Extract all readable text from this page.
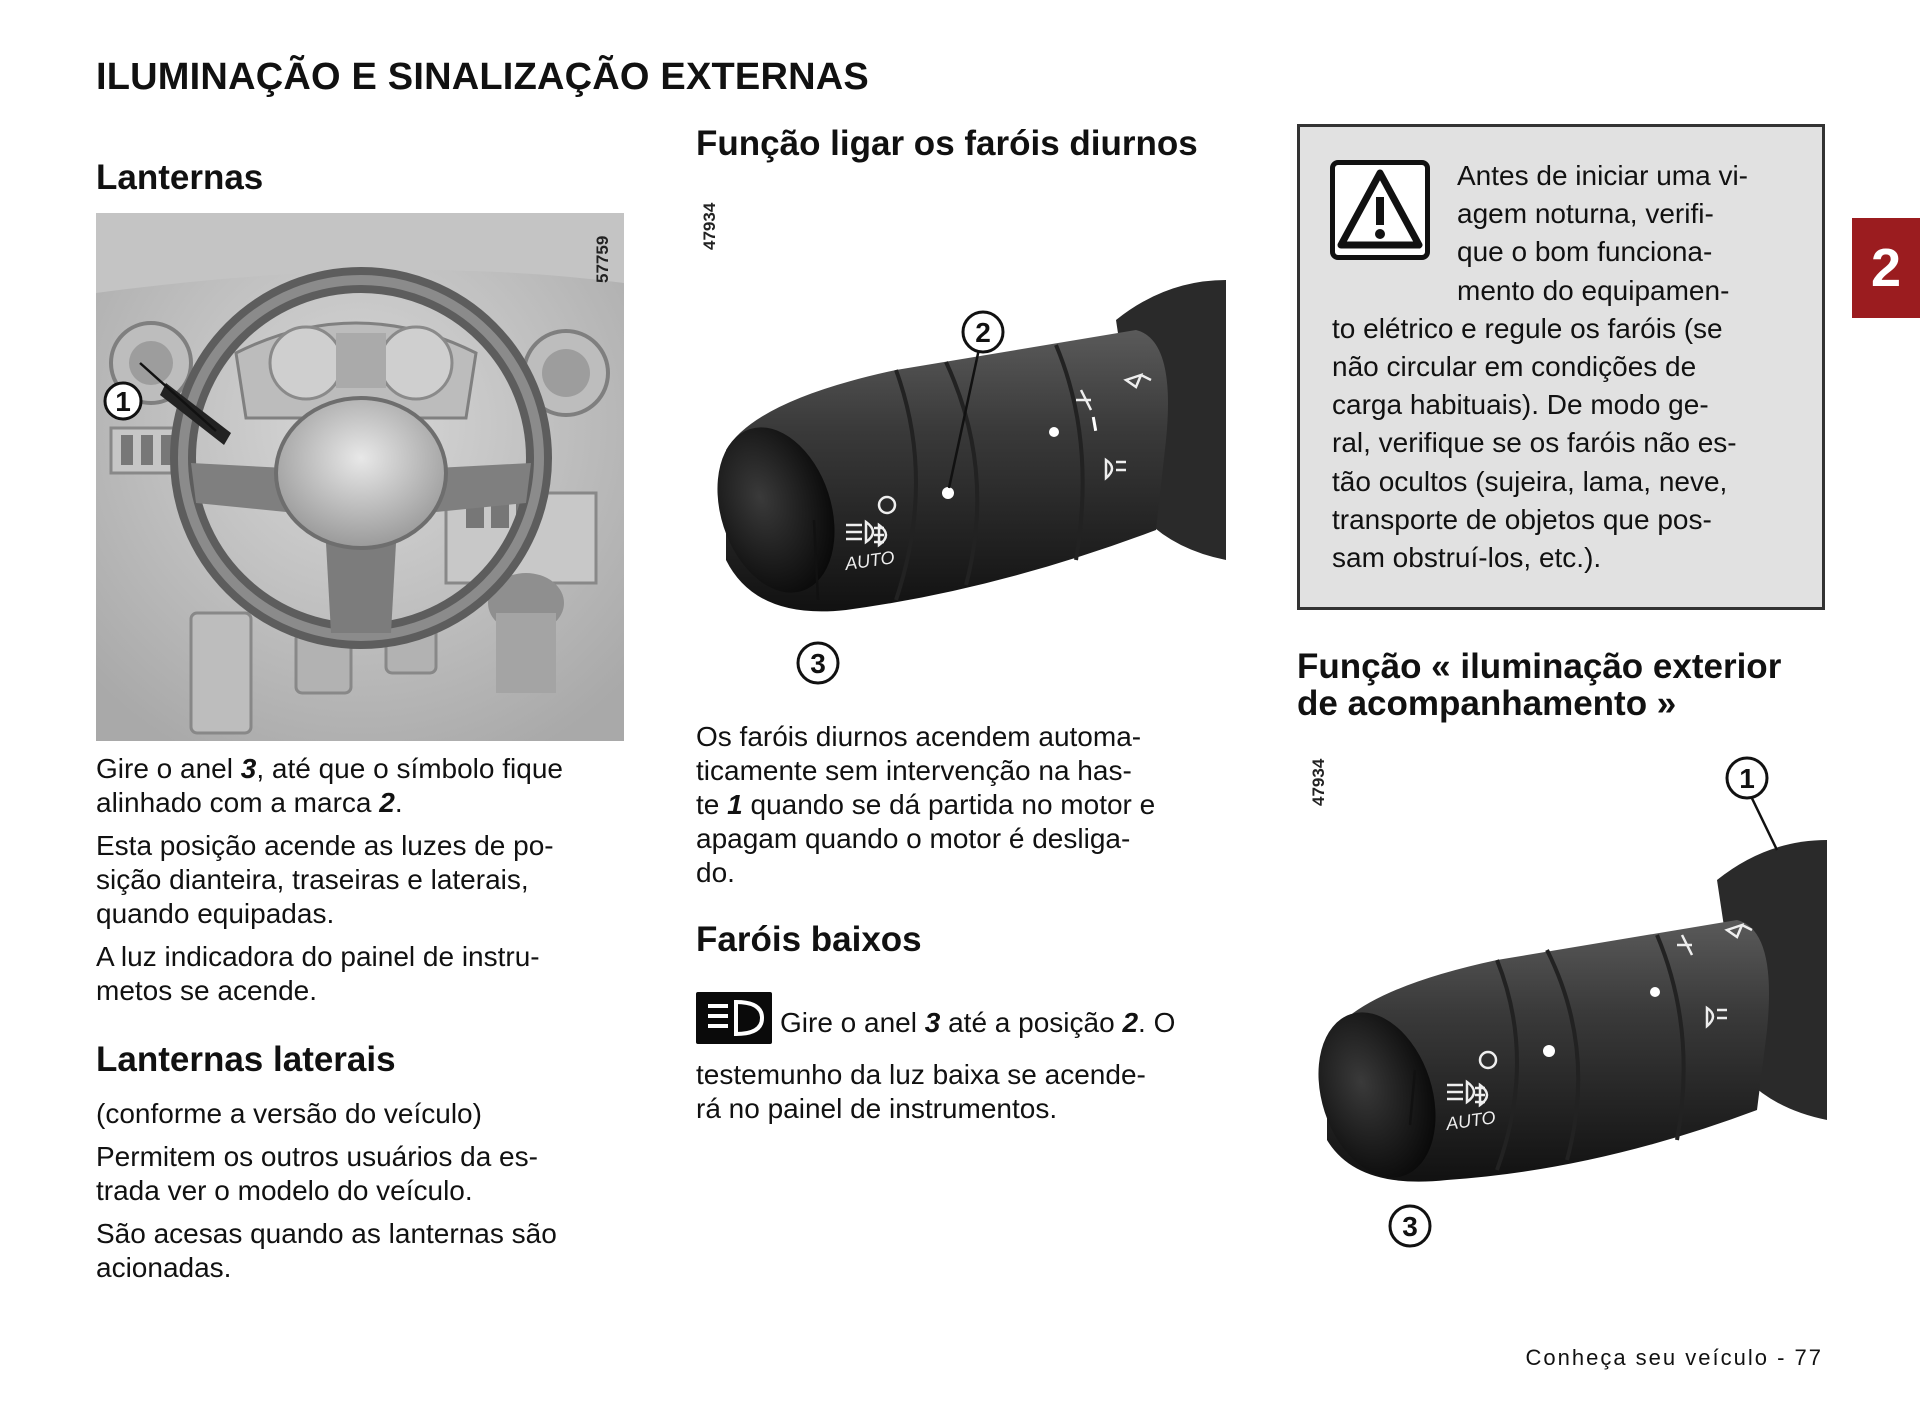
ILUMINAÇÃO E SINALIZAÇÃO EXTERNAS
2
Lanternas
1
57759
Gire o anel 3, até que o símbolo fique
alinhado com a marca 2.
Esta posição acende as luzes de po-
sição dianteira, traseiras e laterais,
quando equipadas.
A luz indicadora do painel de instru-
metos se acende.
Lanternas laterais
(conforme a versão do veículo)
Permitem os outros usuários da es-
trada ver o modelo do veículo.
São acesas quando as lanternas são
acionadas.
Função ligar os faróis diurnos
AUTO
2
3
47934
Os faróis diurnos acendem automa-
ticamente sem intervenção na has-
te 1 quando se dá partida no motor e
apagam quando o motor é desliga-
do.
Faróis baixos
Gire o anel 3 até a posição 2. O
testemunho da luz baixa se acende-
rá no painel de instrumentos.
Antes de iniciar uma vi-
agem noturna, verifi-
que o bom funciona-
mento do equipamen-
to elétrico e regule os faróis (se
não circular em condições de
carga habituais). De modo ge-
ral, verifique se os faróis não es-
tão ocultos (sujeira, lama, neve,
transporte de objetos que pos-
sam obstruí-los, etc.).
Função « iluminação exterior
de acompanhamento »
AUTO
1
3
47934
Conheça seu veículo - 77
